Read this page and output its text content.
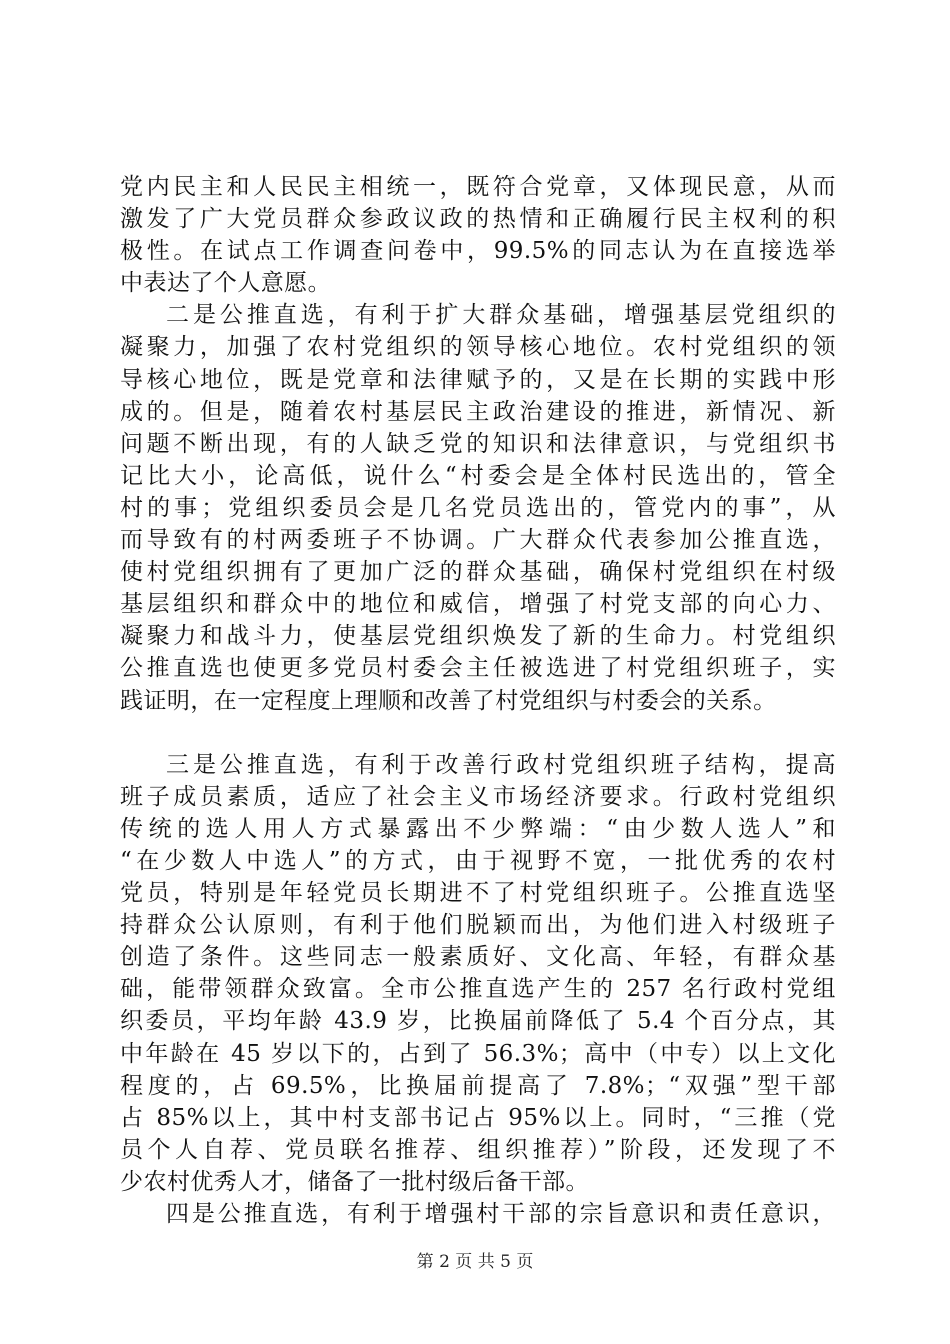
党内民主和人民民主相统一，既符合党章，又体现民意，从而
激发了广大党员群众参政议政的热情和正确履行民主权利的积
极性。在试点工作调查问卷中，99.5%的同志认为在直接选举
中表达了个人意愿。
二是公推直选，有利于扩大群众基础，增强基层党组织的
凝聚力，加强了农村党组织的领导核心地位。农村党组织的领
导核心地位，既是党章和法律赋予的，又是在长期的实践中形
成的。但是，随着农村基层民主政治建设的推进，新情况、新
问题不断出现，有的人缺乏党的知识和法律意识，与党组织书
记比大小，论高低，说什么“村委会是全体村民选出的，管全
村的事；党组织委员会是几名党员选出的，管党内的事”，从
而导致有的村两委班子不协调。广大群众代表参加公推直选，
使村党组织拥有了更加广泛的群众基础，确保村党组织在村级
基层组织和群众中的地位和威信，增强了村党支部的向心力、
凝聚力和战斗力，使基层党组织焕发了新的生命力。村党组织
公推直选也使更多党员村委会主任被选进了村党组织班子，实
践证明，在一定程度上理顺和改善了村党组织与村委会的关系。
三是公推直选，有利于改善行政村党组织班子结构，提高
班子成员素质，适应了社会主义市场经济要求。行政村党组织
传统的选人用人方式暴露出不少弊端：“由少数人选人”和
“在少数人中选人”的方式，由于视野不宽，一批优秀的农村
党员，特别是年轻党员长期进不了村党组织班子。公推直选坚
持群众公认原则，有利于他们脱颖而出，为他们进入村级班子
创造了条件。这些同志一般素质好、文化高、年轻，有群众基
础，能带领群众致富。全市公推直选产生的 257 名行政村党组
织委员，平均年龄 43.9 岁，比换届前降低了 5.4 个百分点，其
中年龄在 45 岁以下的，占到了 56.3%；高中（中专）以上文化
程度的，占 69.5%，比换届前提高了 7.8%；“双强”型干部
占 85%以上，其中村支部书记占 95%以上。同时，“三推（党
员个人自荐、党员联名推荐、组织推荐）”阶段，还发现了不
少农村优秀人才，储备了一批村级后备干部。
四是公推直选，有利于增强村干部的宗旨意识和责任意识，
第 2 页 共 5 页
